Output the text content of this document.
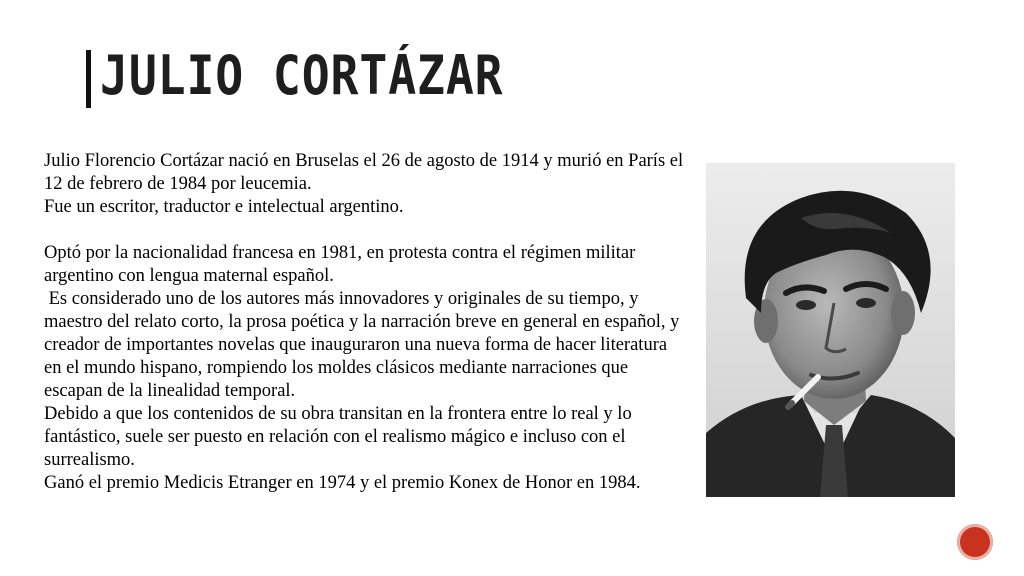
JULIO CORTÁZAR

Julio Florencio Cortázar nació en Bruselas el 26 de agosto de 1914 y murió en París el 12 de febrero de 1984 por leucemia.

Fue un escritor, traductor e intelectual argentino.

Optó por la nacionalidad francesa en 1981, en protesta contra el régimen militar argentino con lengua maternal español.

Es considerado uno de los autores más innovadores y originales de su tiempo, y maestro del relato corto, la prosa poética y la narración breve en general en español, y creador de importantes novelas que inauguraron una nueva forma de hacer literatura en el mundo hispano, rompiendo los moldes clásicos mediante narraciones que escapan de la linealidad temporal.

Debido a que los contenidos de su obra transitan en la frontera entre lo real y lo fantástico, suele ser puesto en relación con el realismo mágico e incluso con el surrealismo.

Ganó el premio Medicis Etranger en 1974 y el premio Konex de Honor en 1984.
